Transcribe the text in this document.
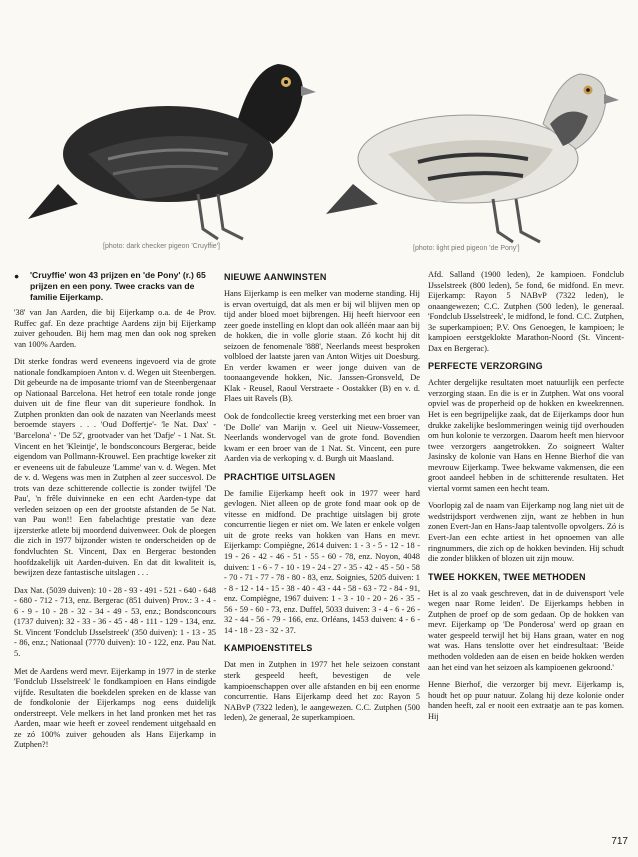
[photo: dark checker pigeon 'Cruyffie']	[photo: light pied pigeon 'de Pony']
●	'Cruyffie' won 43 prijzen en 'de Pony' (r.) 65 prijzen en een pony. Twee cracks van de familie Eijerkamp.

'38' van Jan Aarden, die bij Eijerkamp o.a. de 4e Prov. Ruffec gaf. En deze prachtige Aardens zijn bij Eijerkamp zuiver gehouden. Bij hem mag men dan ook nog spreken van 100% Aarden.

Dit sterke fondras werd eveneens ingevoerd via de grote nationale fondkampioen Anton v. d. Wegen uit Steenbergen. Dit gebeurde na de imposante triomf van de Steenbergenaar op Nationaal Barcelona. Het hetrof een totale ronde jonge duiven uit de fine fleur van dit superieure fondhok. In Zutphen pronkten dan ook de nazaten van Neerlands meest beroemde stayers . . . 'Oud Doffertje'- 'le Nat. Dax' - 'Barcelona' - 'De 52', grootvader van het 'Dafje' - 1 Nat. St. Vincent en het 'Kleintje', le bondsconcours Bergerac, beide eigendom van Pollmann-Krouwel. Een prachtige kweker zit er eveneens uit de fabuleuze 'Lamme' van v. d. Wegen. Met de v. d. Wegens was men in Zutphen al zeer succesvol. De trots van deze schitterende collectie is zonder twijfel 'De Pau', 'n frêle duivinneke en een echt Aarden-type dat verleden seizoen op een der grootste afstanden de 5e Nat. van Pau won!! Een fabelachtige prestatie van deze ijzersterke atlete bij moordend duivenweer. Ook de ploegen die zich in 1977 bijzonder wisten te onderscheiden op de fondvluchten St. Vincent, Dax en Bergerac bestonden hoofdzakelijk uit Aarden-duiven. En dat dit kwaliteit is, bewijzen deze fantastische uitslagen . . .

Dax Nat. (5039 duiven): 10 - 28 - 93 - 491 - 521 - 640 - 648 - 680 - 712 - 713, enz. Bergerac (851 duiven) Prov.: 3 - 4 - 6 - 9 - 10 - 28 - 32 - 34 - 49 - 53, enz.; Bondsconcours (1737 duiven): 32 - 33 - 36 - 45 - 48 - 111 - 129 - 134, enz. St. Vincent 'Fondclub IJsselstreek' (350 duiven): 1 - 13 - 35 - 86, enz.; Nationaal (7770 duiven): 10 - 122, enz. Pau Nat. 5.

Met de Aardens werd mevr. Eijerkamp in 1977 in de sterke 'Fondclub IJsselstreek' le fondkampioen en Hans eindigde vijfde. Resultaten die boekdelen spreken en de klasse van de fondkolonie der Eijerkamps nog eens duidelijk onderstreept. Vele melkers in het land pronken met het ras Aarden, maar wie heeft er zoveel rendement uitgehaald en ze zó 100% zuiver gehouden als Hans Eijerkamp in Zutphen?!

NIEUWE AANWINSTEN

Hans Eijerkamp is een melker van moderne standing. Hij is ervan overtuigd, dat als men er bij wil blijven men op tijd ander bloed moet bijbrengen. Hij heeft hiervoor een zeer goede instelling en klopt dan ook alléén maar aan bij de hokken, die in volle glorie staan. Zó kocht hij dit seizoen de fenomenale '888', Neerlands meest besproken volbloed der laatste jaren van Anton Witjes uit Doesburg. En verder kwamen er weer jonge duiven van de toonaangevende hokken, Nic. Janssen-Gronsveld, De Klak - Reusel, Raoul Verstraete - Oostakker (B) en v. d. Flaes uit Ravels (B).

Ook de fondcollectie kreeg versterking met een broer van 'De Dolle' van Marijn v. Geel uit Nieuw-Vossemeer, Neerlands wondervogel van de grote fond. Bovendien kwam er een broer van de 1 Nat. St. Vincent, een pure Aarden via de verkoping v. d. Burgh uit Maasland.

PRACHTIGE UITSLAGEN

De familie Eijerkamp heeft ook in 1977 weer hard gevlogen. Niet alleen op de grote fond maar ook op de vitesse en midfond. De prachtige uitslagen bij grote concurrentie liegen er niet om. We laten er enkele volgen uit de grote reeks van hokken van Hans en mevr. Eijerkamp: Compiègne, 2614 duiven: 1 - 3 - 5 - 12 - 18 - 19 - 26 - 42 - 46 - 51 - 55 - 60 - 78, enz. Noyon, 4048 duiven: 1 - 6 - 7 - 10 - 19 - 24 - 27 - 35 - 42 - 45 - 50 - 58 - 70 - 71 - 77 - 78 - 80 - 83, enz. Soignies, 5205 duiven: 1 - 8 - 12 - 14 - 15 - 38 - 40 - 43 - 44 - 58 - 63 - 72 - 84 - 91, enz. Compiègne, 1967 duiven: 1 - 3 - 10 - 20 - 26 - 35 - 56 - 59 - 60 - 73, enz. Duffel, 5033 duiven: 3 - 4 - 6 - 26 - 32 - 44 - 56 - 79 - 166, enz. Orléans, 1453 duiven: 4 - 6 - 14 - 18 - 23 - 32 - 37.

KAMPIOENSTITELS

Dat men in Zutphen in 1977 het hele seizoen constant sterk gespeeld heeft, bevestigen de vele kampioenschappen over alle afstanden en bij een enorme concurrentie. Hans Eijerkamp deed het zo: Rayon 5 NABvP (7322 leden), le aangewezen. C.C. Zutphen (500 leden), 2e generaal, 2e superkampioen.

Afd. Salland (1900 leden), 2e kampioen. Fondclub IJsselstreek (800 leden), 5e fond, 6e midfond. En mevr. Eijerkamp: Rayon 5 NABvP (7322 leden), le onaangewezen; C.C. Zutphen (500 leden), le generaal. 'Fondclub IJsselstreek', le midfond, le fond. C.C. Zutphen, 3e superkampioen; P.V. Ons Genoegen, le kampioen; le kampioen eerstgeklokte Marathon-Noord (St. Vincent-Dax en Bergerac).

PERFECTE VERZORGING

Achter dergelijke resultaten moet natuurlijk een perfecte verzorging staan. En die is er in Zutphen. Wat ons vooral opviel was de properheid op de hokken en kweekrennen. Het is een begrijpelijke zaak, dat de Eijerkamps door hun drukke zakelijke beslommeringen weinig tijd overhouden om hun kolonie te verzorgen. Daarom heeft men hiervoor twee verzorgers aangetrokken. Zo soigneert Walter Jasinsky de kolonie van Hans en Henne Bierhof die van mevrouw Eijerkamp. Twee bekwame vakmensen, die een groot aandeel hebben in de schitterende resultaten. Het viertal vormt samen een hecht team.

Voorlopig zal de naam van Eijerkamp nog lang niet uit de wedstrijdsport verdwenen zijn, want ze hebben in hun zonen Evert-Jan en Hans-Jaap talentvolle opvolgers. Zó is Evert-Jan een echte artiest in het opnoemen van alle ringnummers, die zich op de hokken bevinden. Hij schudt die zonder blikken of blozen uit zijn mouw.

TWEE HOKKEN, TWEE METHODEN

Het is al zo vaak geschreven, dat in de duivensport 'vele wegen naar Rome leiden'. De Eijerkamps hebben in Zutphen de proef op de som gedaan. Op de hokken van mevr. Eijerkamp op 'De Ponderosa' werd op graan en water gespeeld terwijl het bij Hans graan, water en nog wat was. Hans tenslotte over het eindresultaat: 'Beide methoden voldeden aan de eisen en beide hokken werden aan het eind van het seizoen als kampioenen gekroond.'

Henne Bierhof, die verzorger bij mevr. Eijerkamp is, houdt het op puur natuur. Zolang hij deze kolonie onder handen heeft, zal er nooit een extraatje aan te pas komen. Hij

717
